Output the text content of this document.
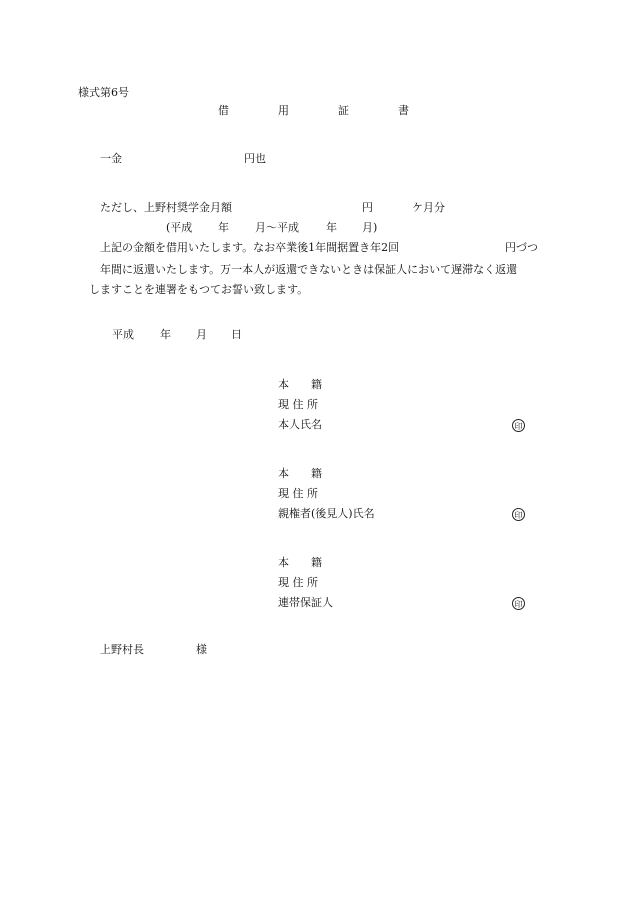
様式第6号
借	用	証	書
一金	円也
ただし、上野村奨学金月額	円	ケ月分
(平成 年 月〜平成 年 月)
上記の金額を借用いたします。なお卒業後1年間据置き年2回	円づつ
年間に返還いたします。万一本人が返還できないときは保証人において遅滞なく返還
しますことを連署をもつてお誓い致します。
平成 年 月 日
本　　籍
現 住 所
本人氏名	印
本　　籍
現 住 所
親権者(後見人)氏名	印
本　　籍
現 住 所
連帯保証人	印
上野村長	様
